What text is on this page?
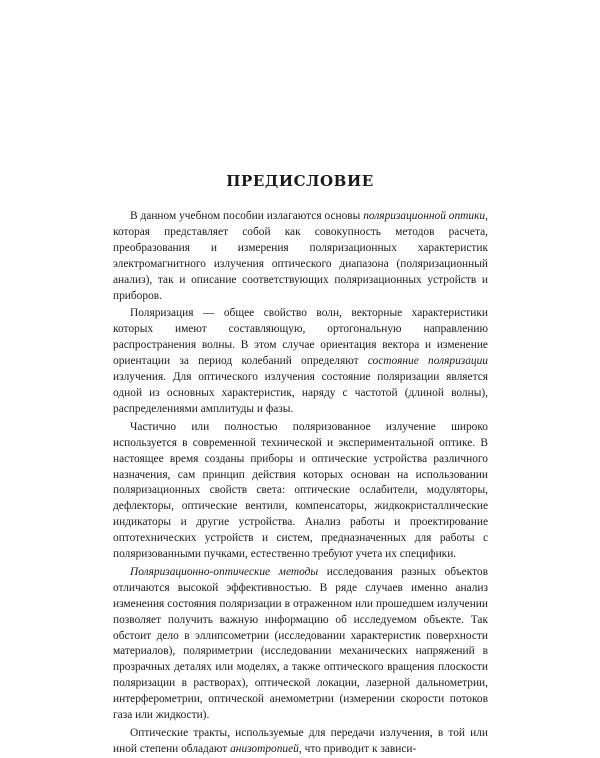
ПРЕДИСЛОВИЕ

В данном учебном пособии излагаются основы поляризационной оптики, которая представляет собой как совокупность методов расчета, преобразования и измерения поляризационных характеристик электромагнитного излучения оптического диапазона (поляризационный анализ), так и описание соответствующих поляризационных устройств и приборов.

Поляризация — общее свойство волн, векторные характеристики которых имеют составляющую, ортогональную направлению распространения волны. В этом случае ориентация вектора и изменение ориентации за период колебаний определяют состояние поляризации излучения. Для оптического излучения состояние поляризации является одной из основных характеристик, наряду с частотой (длиной волны), распределениями амплитуды и фазы.

Частично или полностью поляризованное излучение широко используется в современной технической и экспериментальной оптике. В настоящее время созданы приборы и оптические устройства различного назначения, сам принцип действия которых основан на использовании поляризационных свойств света: оптические ослабители, модуляторы, дефлекторы, оптические вентили, компенсаторы, жидкокристаллические индикаторы и другие устройства. Анализ работы и проектирование оптотехнических устройств и систем, предназначенных для работы с поляризованными пучками, естественно требуют учета их специфики.

Поляризационно-оптические методы исследования разных объектов отличаются высокой эффективностью. В ряде случаев именно анализ изменения состояния поляризации в отраженном или прошедшем излучении позволяет получить важную информацию об исследуемом объекте. Так обстоит дело в эллипсометрии (исследовании характеристик поверхности материалов), поляриметрии (исследовании механических напряжений в прозрачных деталях или моделях, а также оптического вращения плоскости поляризации в растворах), оптической локации, лазерной дальнометрии, интерферометрии, оптической анемометрии (измерении скорости потоков газа или жидкости).

Оптические тракты, используемые для передачи излучения, в той или иной степени обладают анизотропией, что приводит к зависи-
